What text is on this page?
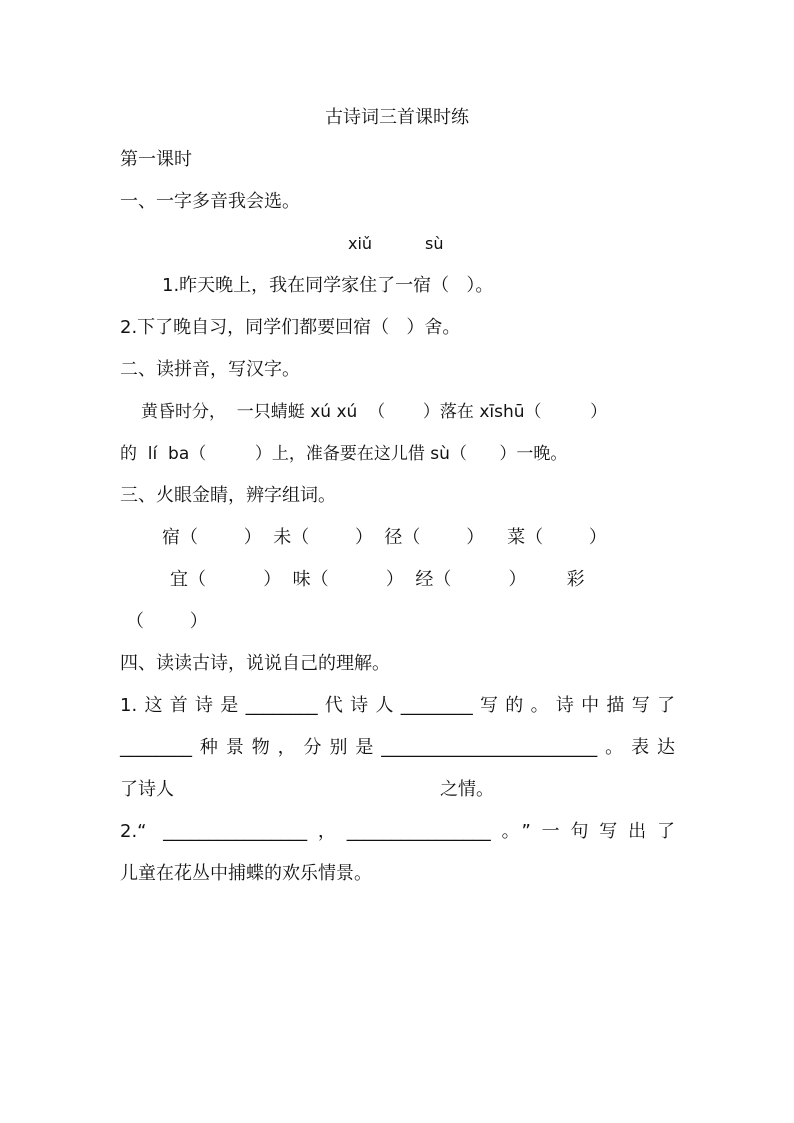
古诗词三首课时练
第一课时
一、一字多音我会选。
xiǔ	sù
1.昨天晚上，我在同学家住了一宿（   ）。
2.下了晚自习，同学们都要回宿（   ）舍。
二、读拼音，写汉字。
黄昏时分，  一只蜻蜓 xú xú  （       ）落在 xīshū（         ）
的  lí  ba（         ）上，准备要在这儿借 sù（      ）一晚。
三、火眼金睛，辨字组词。
宿（        ）  未（        ）  径（        ）    菜（        ）
宜（          ）  味（          ）  经（          ）       彩
（        ）
四、读读古诗，说说自己的理解。
1.这首诗是________代诗人________写的。诗中描写了
________种景物，分别是________________________。表达
了诗人	之情。
2.“ ________________，________________。”一句写出了
儿童在花丛中捕蝶的欢乐情景。
